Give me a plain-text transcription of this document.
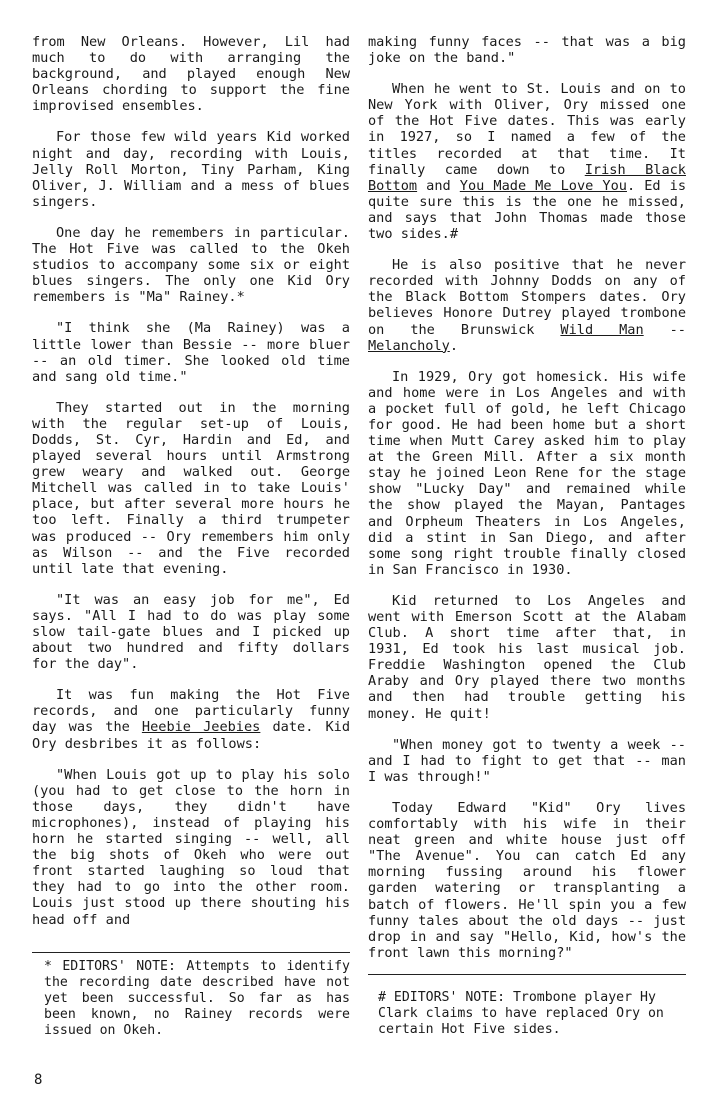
from New Orleans. However, Lil had much to do with arranging the background, and played enough New Orleans chording to support the fine improvised ensembles.

For those few wild years Kid worked night and day, recording with Louis, Jelly Roll Morton, Tiny Parham, King Oliver, J. William and a mess of blues singers.

One day he remembers in particular. The Hot Five was called to the Okeh studios to accompany some six or eight blues singers. The only one Kid Ory remembers is "Ma" Rainey.*

"I think she (Ma Rainey) was a little lower than Bessie -- more bluer -- an old timer. She looked old time and sang old time."

They started out in the morning with the regular set-up of Louis, Dodds, St. Cyr, Hardin and Ed, and played several hours until Armstrong grew weary and walked out. George Mitchell was called in to take Louis' place, but after several more hours he too left. Finally a third trumpeter was produced -- Ory remembers him only as Wilson -- and the Five recorded until late that evening.

"It was an easy job for me", Ed says. "All I had to do was play some slow tail-gate blues and I picked up about two hundred and fifty dollars for the day".

It was fun making the Hot Five records, and one particularly funny day was the Heebie Jeebies date. Kid Ory desbribes it as follows:

"When Louis got up to play his solo (you had to get close to the horn in those days, they didn't have microphones), instead of playing his horn he started singing -- well, all the big shots of Okeh who were out front started laughing so loud that they had to go into the other room. Louis just stood up there shouting his head off and

making funny faces -- that was a big joke on the band."

When he went to St. Louis and on to New York with Oliver, Ory missed one of the Hot Five dates. This was early in 1927, so I named a few of the titles recorded at that time. It finally came down to Irish Black Bottom and You Made Me Love You. Ed is quite sure this is the one he missed, and says that John Thomas made those two sides.#

He is also positive that he never recorded with Johnny Dodds on any of the Black Bottom Stompers dates. Ory believes Honore Dutrey played trombone on the Brunswick Wild Man -- Melancholy.

In 1929, Ory got homesick. His wife and home were in Los Angeles and with a pocket full of gold, he left Chicago for good. He had been home but a short time when Mutt Carey asked him to play at the Green Mill. After a six month stay he joined Leon Rene for the stage show "Lucky Day" and remained while the show played the Mayan, Pantages and Orpheum Theaters in Los Angeles, did a stint in San Diego, and after some song right trouble finally closed in San Francisco in 1930.

Kid returned to Los Angeles and went with Emerson Scott at the Alabam Club. A short time after that, in 1931, Ed took his last musical job. Freddie Washington opened the Club Araby and Ory played there two months and then had trouble getting his money. He quit!

"When money got to twenty a week -- and I had to fight to get that -- man I was through!"

Today Edward "Kid" Ory lives comfortably with his wife in their neat green and white house just off "The Avenue". You can catch Ed any morning fussing around his flower garden watering or transplanting a batch of flowers. He'll spin you a few funny tales about the old days -- just drop in and say "Hello, Kid, how's the front lawn this morning?"

* EDITORS' NOTE: Attempts to identify the recording date described have not yet been successful. So far as has been known, no Rainey records were issued on Okeh.
# EDITORS' NOTE: Trombone player Hy Clark claims to have replaced Ory on certain Hot Five sides.
8
